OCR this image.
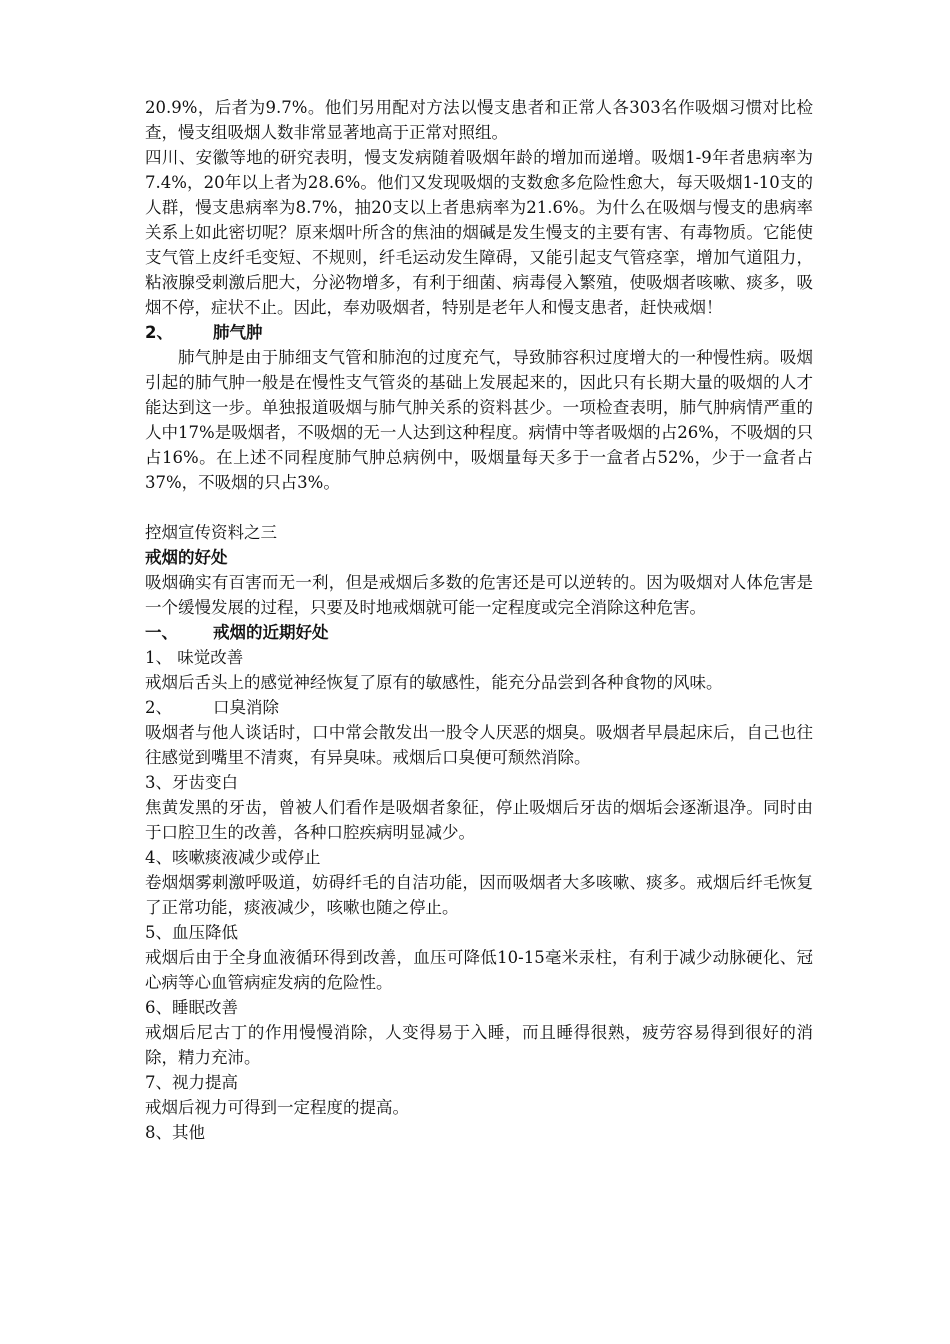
20.9%，后者为9.7%。他们另用配对方法以慢支患者和正常人各303名作吸烟习惯对比检查，慢支组吸烟人数非常显著地高于正常对照组。

四川、安徽等地的研究表明，慢支发病随着吸烟年龄的增加而递增。吸烟1-9年者患病率为7.4%，20年以上者为28.6%。他们又发现吸烟的支数愈多危险性愈大，每天吸烟1-10支的人群，慢支患病率为8.7%，抽20支以上者患病率为21.6%。为什么在吸烟与慢支的患病率关系上如此密切呢？原来烟叶所含的焦油的烟碱是发生慢支的主要有害、有毒物质。它能使支气管上皮纤毛变短、不规则，纤毛运动发生障碍，又能引起支气管痉挛，增加气道阻力，粘液腺受刺激后肥大，分泌物增多，有利于细菌、病毒侵入繁殖，使吸烟者咳嗽、痰多，吸烟不停，症状不止。因此，奉劝吸烟者，特别是老年人和慢支患者，赶快戒烟！

2、 肺气肿

肺气肿是由于肺细支气管和肺泡的过度充气，导致肺容积过度增大的一种慢性病。吸烟引起的肺气肿一般是在慢性支气管炎的基础上发展起来的，因此只有长期大量的吸烟的人才能达到这一步。单独报道吸烟与肺气肿关系的资料甚少。一项检查表明，肺气肿病情严重的人中17%是吸烟者，不吸烟的无一人达到这种程度。病情中等者吸烟的占26%，不吸烟的只占16%。在上述不同程度肺气肿总病例中，吸烟量每天多于一盒者占52%，少于一盒者占37%，不吸烟的只占3%。

控烟宣传资料之三

戒烟的好处

吸烟确实有百害而无一利，但是戒烟后多数的危害还是可以逆转的。因为吸烟对人体危害是一个缓慢发展的过程，只要及时地戒烟就可能一定程度或完全消除这种危害。

一、 戒烟的近期好处

1、 味觉改善

戒烟后舌头上的感觉神经恢复了原有的敏感性，能充分品尝到各种食物的风味。

2、 口臭消除

吸烟者与他人谈话时，口中常会散发出一股令人厌恶的烟臭。吸烟者早晨起床后，自己也往往感觉到嘴里不清爽，有异臭味。戒烟后口臭便可颓然消除。

3、牙齿变白

焦黄发黑的牙齿，曾被人们看作是吸烟者象征，停止吸烟后牙齿的烟垢会逐渐退净。同时由于口腔卫生的改善，各种口腔疾病明显减少。

4、咳嗽痰液减少或停止

卷烟烟雾刺激呼吸道，妨碍纤毛的自洁功能，因而吸烟者大多咳嗽、痰多。戒烟后纤毛恢复了正常功能，痰液减少，咳嗽也随之停止。

5、血压降低

戒烟后由于全身血液循环得到改善，血压可降低10-15毫米汞柱，有利于减少动脉硬化、冠心病等心血管病症发病的危险性。

6、睡眠改善

戒烟后尼古丁的作用慢慢消除，人变得易于入睡，而且睡得很熟，疲劳容易得到很好的消除，精力充沛。

7、视力提高

戒烟后视力可得到一定程度的提高。

8、其他
